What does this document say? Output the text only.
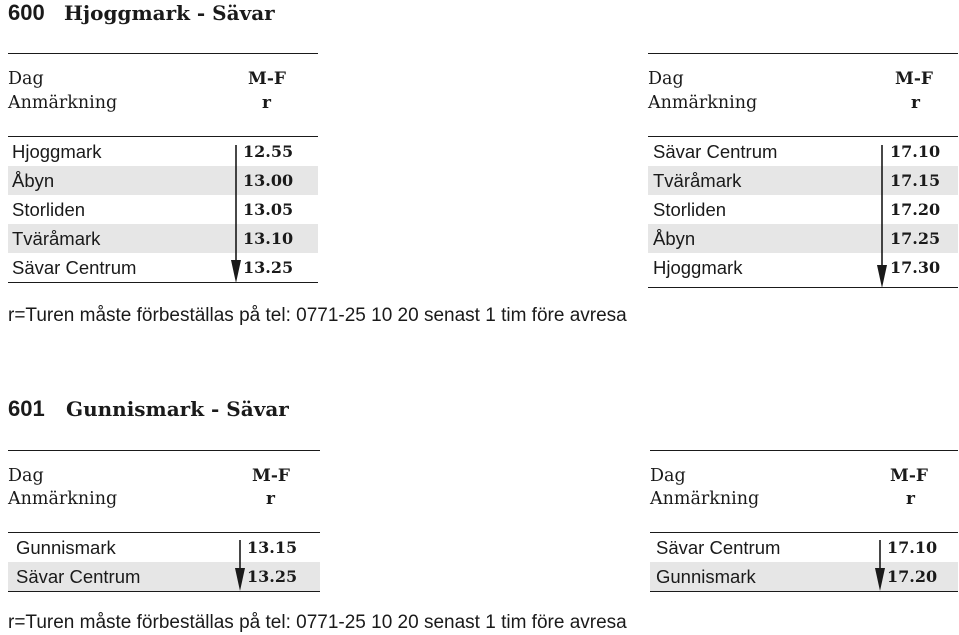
600 Hjoggmark - Sävar
Dag	M-F
Anmärkning	r
Hjoggmark	12.55
Åbyn	13.00
Storliden	13.05
Tväråmark	13.10
Sävar Centrum	13.25
Dag	M-F
Anmärkning	r
Sävar Centrum	17.10
Tväråmark	17.15
Storliden	17.20
Åbyn	17.25
Hjoggmark	17.30
r=Turen måste förbeställas på tel: 0771-25 10 20 senast 1 tim före avresa
601 Gunnismark - Sävar
Dag	M-F
Anmärkning	r
Gunnismark	13.15
Sävar Centrum	13.25
Dag	M-F
Anmärkning	r
Sävar Centrum	17.10
Gunnismark	17.20
r=Turen måste förbeställas på tel: 0771-25 10 20 senast 1 tim före avresa
